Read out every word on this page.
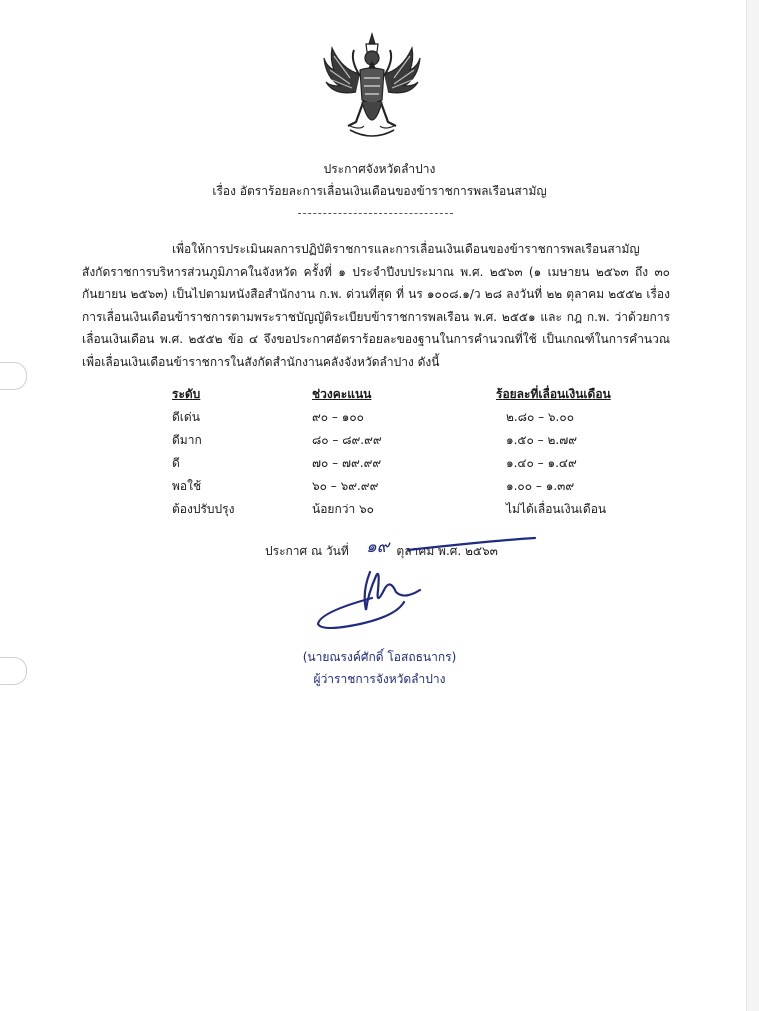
ประกาศจังหวัดลำปาง
เรื่อง อัตราร้อยละการเลื่อนเงินเดือนของข้าราชการพลเรือนสามัญ

เพื่อให้การประเมินผลการปฏิบัติราชการและการเลื่อนเงินเดือนของข้าราชการพลเรือนสามัญ สังกัดราชการบริหารส่วนภูมิภาคในจังหวัด ครั้งที่ ๑ ประจำปีงบประมาณ พ.ศ. ๒๕๖๓ (๑ เมษายน ๒๕๖๓ ถึง ๓๐ กันยายน ๒๕๖๓) เป็นไปตามหนังสือสำนักงาน ก.พ. ด่วนที่สุด ที่ นร ๑๐๐๘.๑/ว ๒๘ ลงวันที่ ๒๒ ตุลาคม ๒๕๕๒ เรื่อง การเลื่อนเงินเดือนข้าราชการตามพระราชบัญญัติระเบียบข้าราชการพลเรือน พ.ศ. ๒๕๕๑ และ กฎ ก.พ. ว่าด้วยการเลื่อนเงินเดือน พ.ศ. ๒๕๕๒ ข้อ ๔ จึงขอประกาศอัตราร้อยละของฐานในการคำนวณที่ใช้ เป็นเกณฑ์ในการคำนวณ เพื่อเลื่อนเงินเดือนข้าราชการในสังกัดสำนักงานคลังจังหวัดลำปาง ดังนี้

ระดับ	ช่วงคะแนน	ร้อยละที่เลื่อนเงินเดือน
ดีเด่น	๙๐ – ๑๐๐	๒.๘๐ – ๖.๐๐
ดีมาก	๘๐ – ๘๙.๙๙	๑.๕๐ – ๒.๗๙
ดี	๗๐ – ๗๙.๙๙	๑.๔๐ – ๑.๔๙
พอใช้	๖๐ – ๖๙.๙๙	๑.๐๐ – ๑.๓๙
ต้องปรับปรุง	น้อยกว่า ๖๐	ไม่ได้เลื่อนเงินเดือน
ประกาศ ณ วันที่	ตุลาคม พ.ศ. ๒๕๖๓
๑๙
(นายณรงค์ศักดิ์ โอสถธนากร)
ผู้ว่าราชการจังหวัดลำปาง
